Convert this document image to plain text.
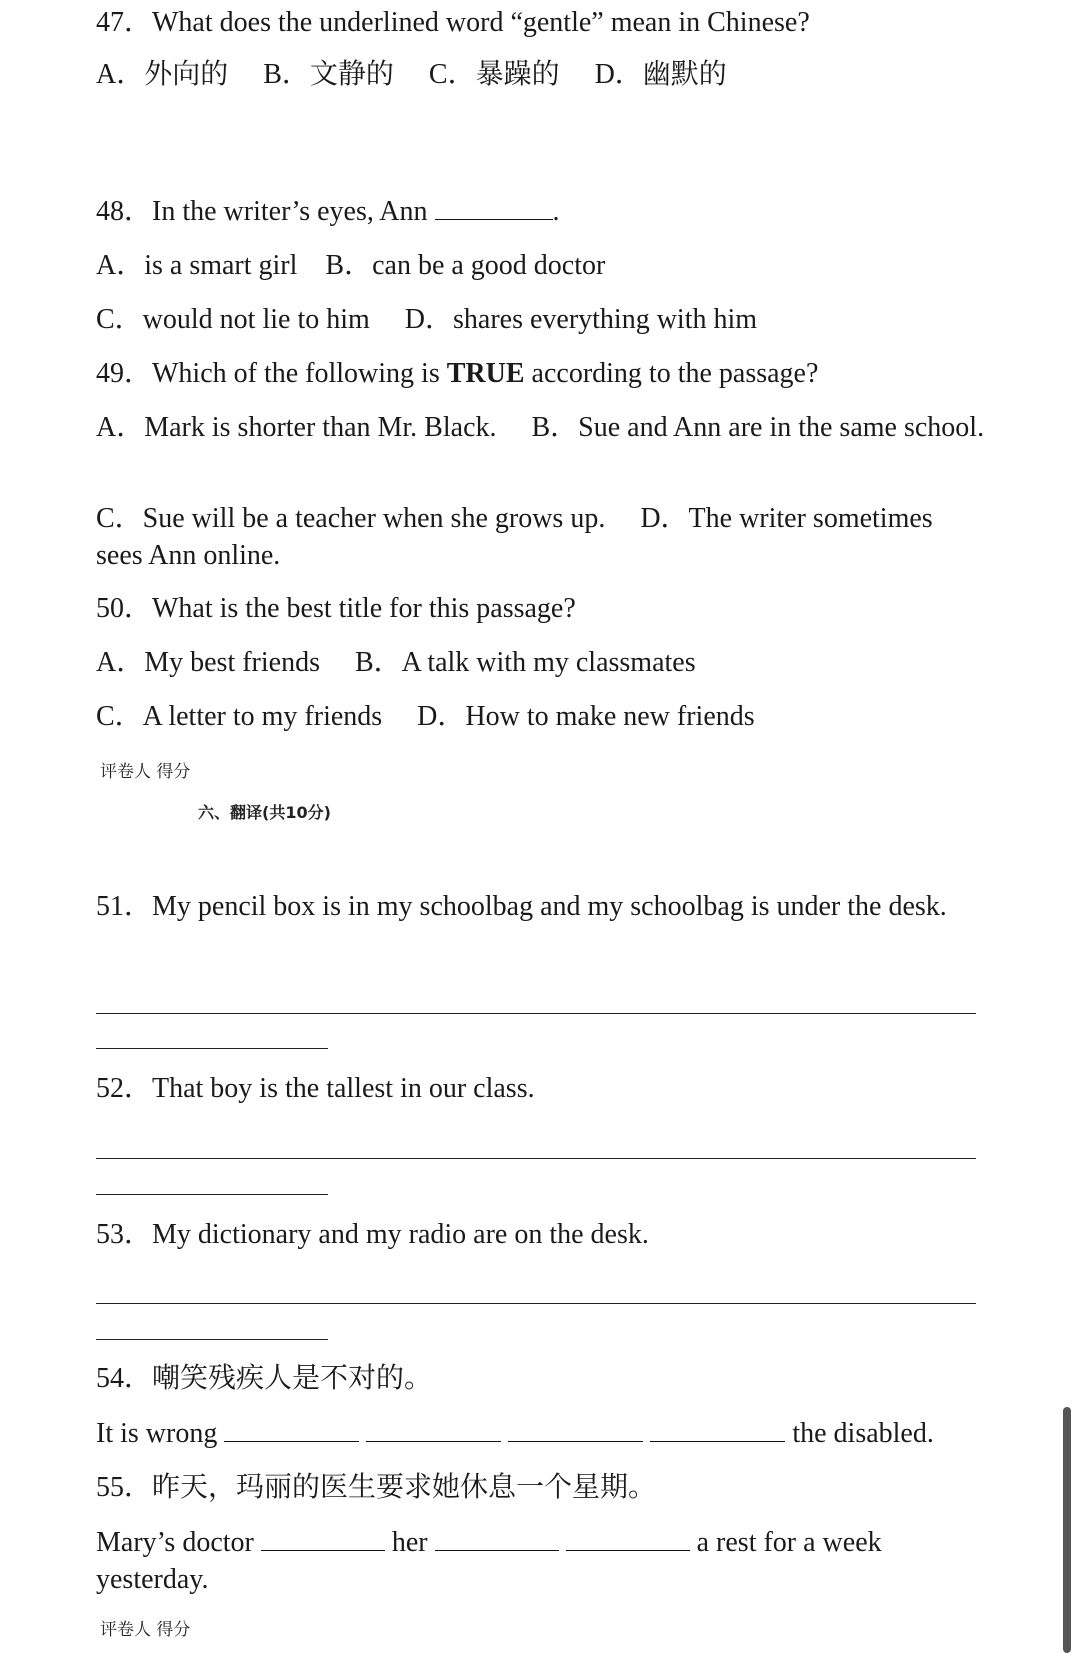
47．What does the underlined word “gentle” mean in Chinese?
A．外向的　 B．文静的　 C．暴躁的　 D．幽默的
48．In the writer’s eyes, Ann	.
A．is a smart girl　B．can be a good doctor
C．would not lie to him　 D．shares everything with him
49．Which of the following is TRUE according to the passage?
A．Mark is shorter than Mr. Black.　 B．Sue and Ann are in the same school.
C．Sue will be a teacher when she grows up.　 D．The writer sometimes sees Ann online.
50．What is the best title for this passage?
A．My best friends　 B．A talk with my classmates
C．A letter to my friends　 D．How to make new friends
评卷人 得分
六、翻译(共10分)
51．My pencil box is in my schoolbag and my schoolbag is under the desk.
52．That boy is the tallest in our class.
53．My dictionary and my radio are on the desk.
54．嘲笑残疾人是不对的。
It is wrong	the disabled.
55．昨天，玛丽的医生要求她休息一个星期。
Mary’s doctor	her	a rest for a week
yesterday.
评卷人 得分
